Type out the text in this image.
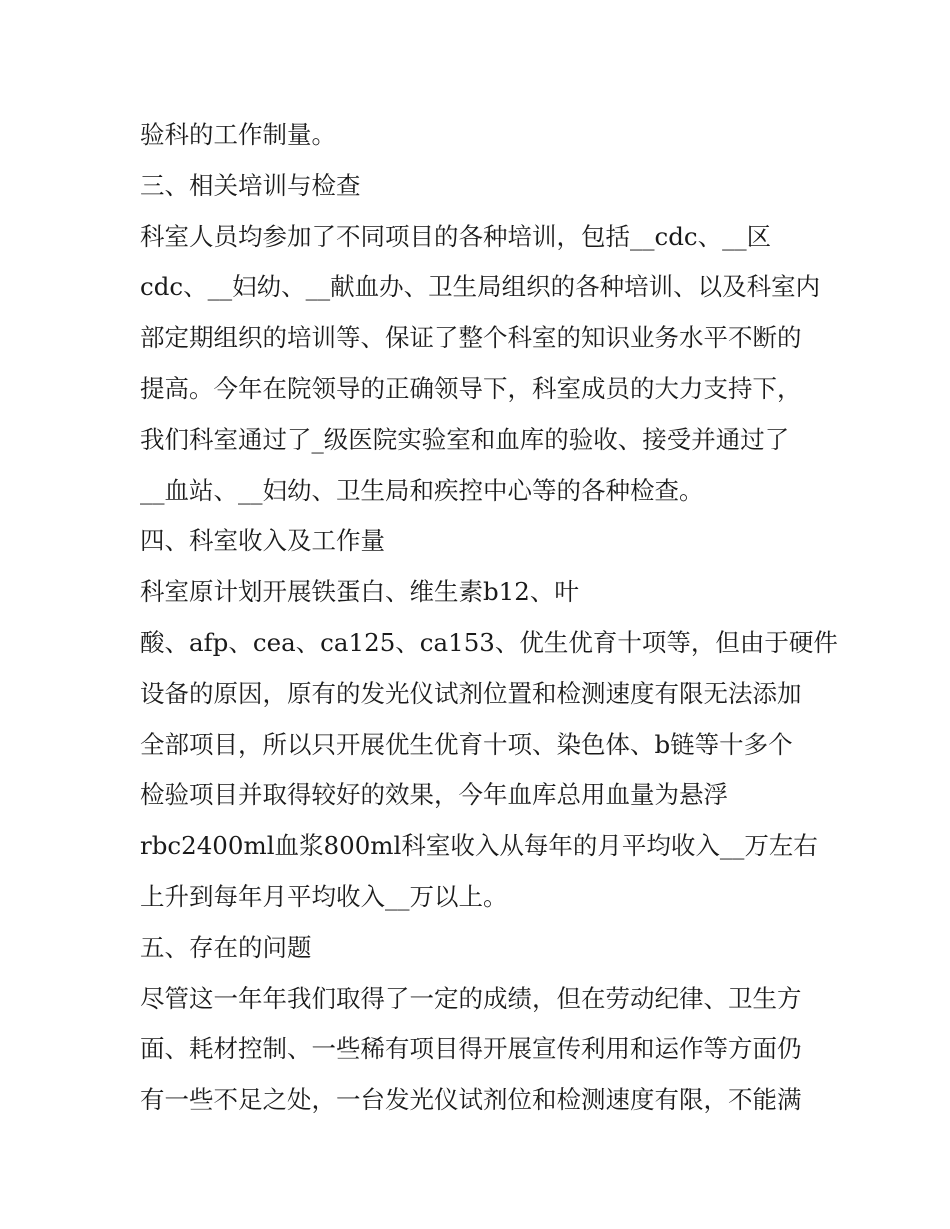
验科的工作制量。
三、相关培训与检查
科室人员均参加了不同项目的各种培训，包括__cdc、__区
cdc、__妇幼、__献血办、卫生局组织的各种培训、以及科室内
部定期组织的培训等、保证了整个科室的知识业务水平不断的
提高。今年在院领导的正确领导下，科室成员的大力支持下，
我们科室通过了_级医院实验室和血库的验收、接受并通过了
__血站、__妇幼、卫生局和疾控中心等的各种检查。
四、科室收入及工作量
科室原计划开展铁蛋白、维生素b12、叶
酸、afp、cea、ca125、ca153、优生优育十项等，但由于硬件
设备的原因，原有的发光仪试剂位置和检测速度有限无法添加
全部项目，所以只开展优生优育十项、染色体、b链等十多个
检验项目并取得较好的效果，今年血库总用血量为悬浮
rbc2400ml血浆800ml科室收入从每年的月平均收入__万左右
上升到每年月平均收入__万以上。
五、存在的问题
尽管这一年年我们取得了一定的成绩，但在劳动纪律、卫生方
面、耗材控制、一些稀有项目得开展宣传利用和运作等方面仍
有一些不足之处，一台发光仪试剂位和检测速度有限，不能满
